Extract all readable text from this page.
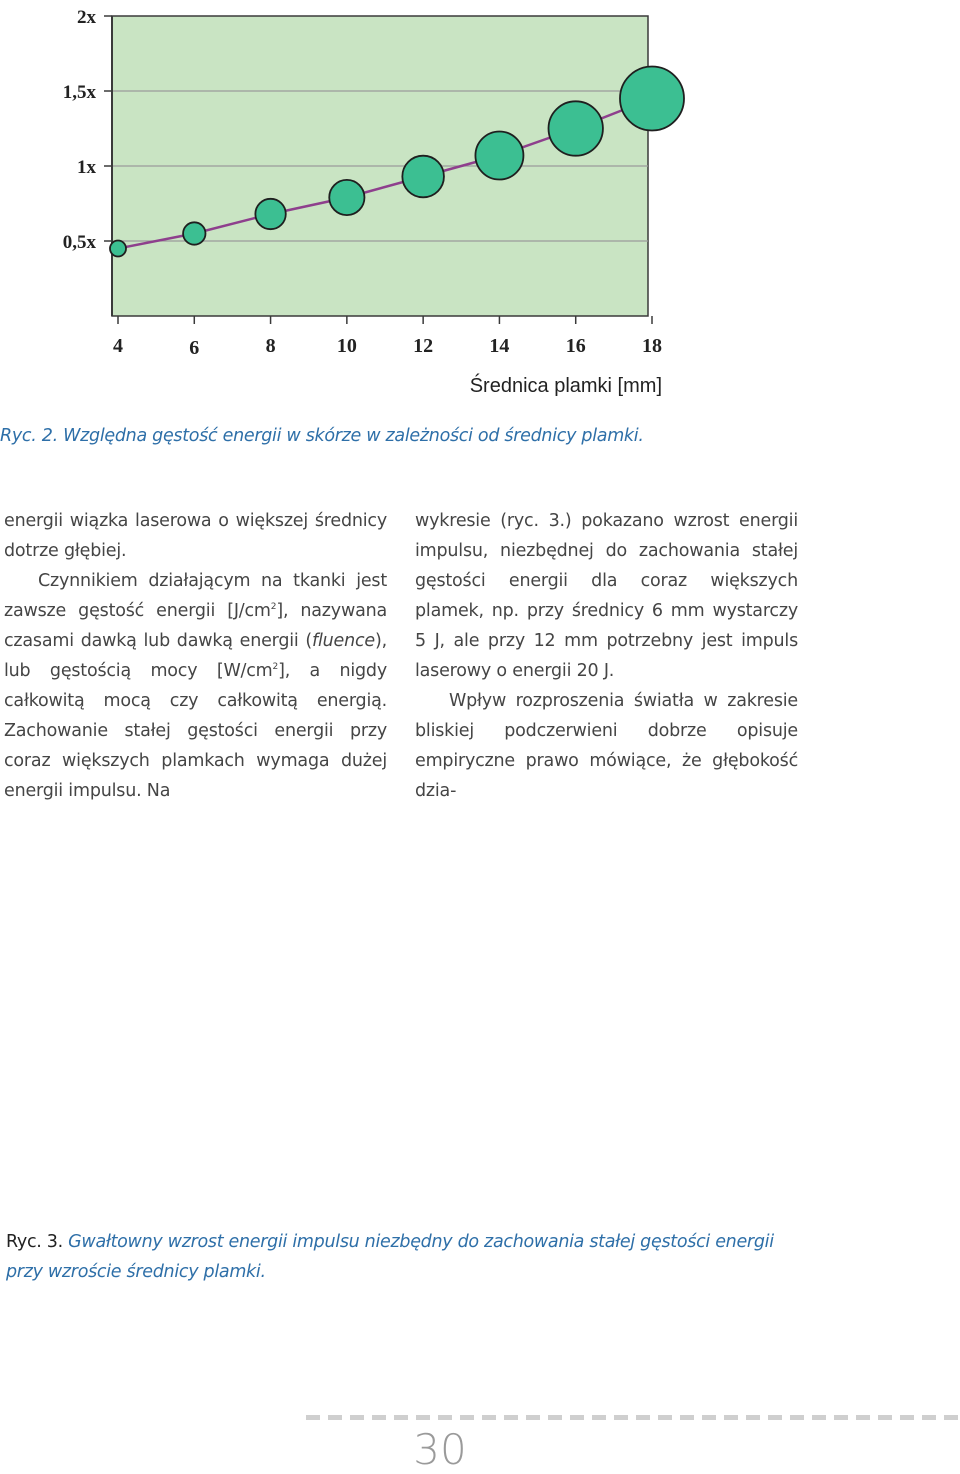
0,5x
1x
1,5x
2x
4	6	8	10	12	14	16	18
Średnica plamki [mm]
Ryc. 2. Względna gęstość energii w skórze w zależności od średnicy plamki.

energii wiązka laserowa o większej średnicy dotrze głębiej.

Czynnikiem działającym na tkanki jest zawsze gęstość energii $[J/cm^2]$, nazywana czasami dawką lub dawką energii (fluence), lub gęstością mocy $[W/cm^2]$, a nigdy całkowitą mocą czy całkowitą energią. Zachowanie stałej gęstości energii przy coraz większych plamkach wymaga dużej energii impulsu. Na

wykresie (ryc. 3.) pokazano wzrost energii impulsu, niezbędnej do zachowania stałej gęstości energii dla coraz większych plamek, np. przy średnicy 6 mm wystarczy 5 J, ale przy 12 mm potrzebny jest impuls laserowy o energii 20 J.

Wpływ rozproszenia światła w zakresie bliskiej podczerwieni dobrze opisuje empiryczne prawo mówiące, że głębokość dzia-

Ryc. 3. Gwałtowny wzrost energii impulsu niezbędny do zachowania stałej gęstości energii przy wzroście średnicy plamki.
30
